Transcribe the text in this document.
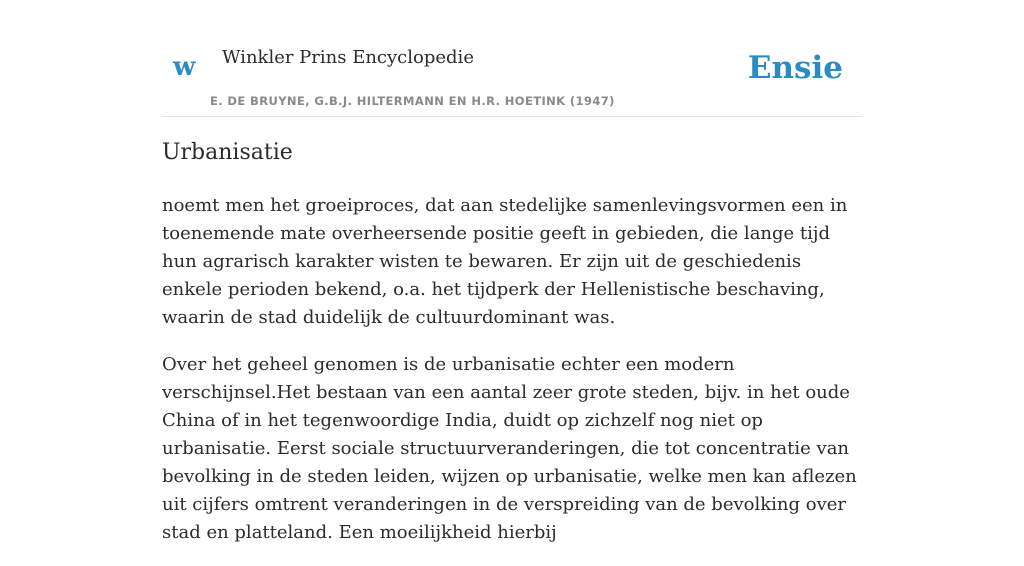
w Winkler Prins Encyclopedie
E. DE BRUYNE, G.B.J. HILTERMANN EN H.R. HOETINK (1947)
Ensie
Urbanisatie

noemt men het groeiproces, dat aan stedelijke samenlevingsvormen een in toenemende mate overheersende positie geeft in gebieden, die lange tijd hun agrarisch karakter wisten te bewaren. Er zijn uit de geschiedenis enkele perioden bekend, o.a. het tijdperk der Hellenistische beschaving, waarin de stad duidelijk de cultuurdominant was.

Over het geheel genomen is de urbanisatie echter een modern verschijnsel.Het bestaan van een aantal zeer grote steden, bijv. in het oude China of in het tegenwoordige India, duidt op zichzelf nog niet op urbanisatie. Eerst sociale structuurveranderingen, die tot concentratie van bevolking in de steden leiden, wijzen op urbanisatie, welke men kan aflezen uit cijfers omtrent veranderingen in de verspreiding van de bevolking over stad en platteland. Een moeilijkheid hierbij
